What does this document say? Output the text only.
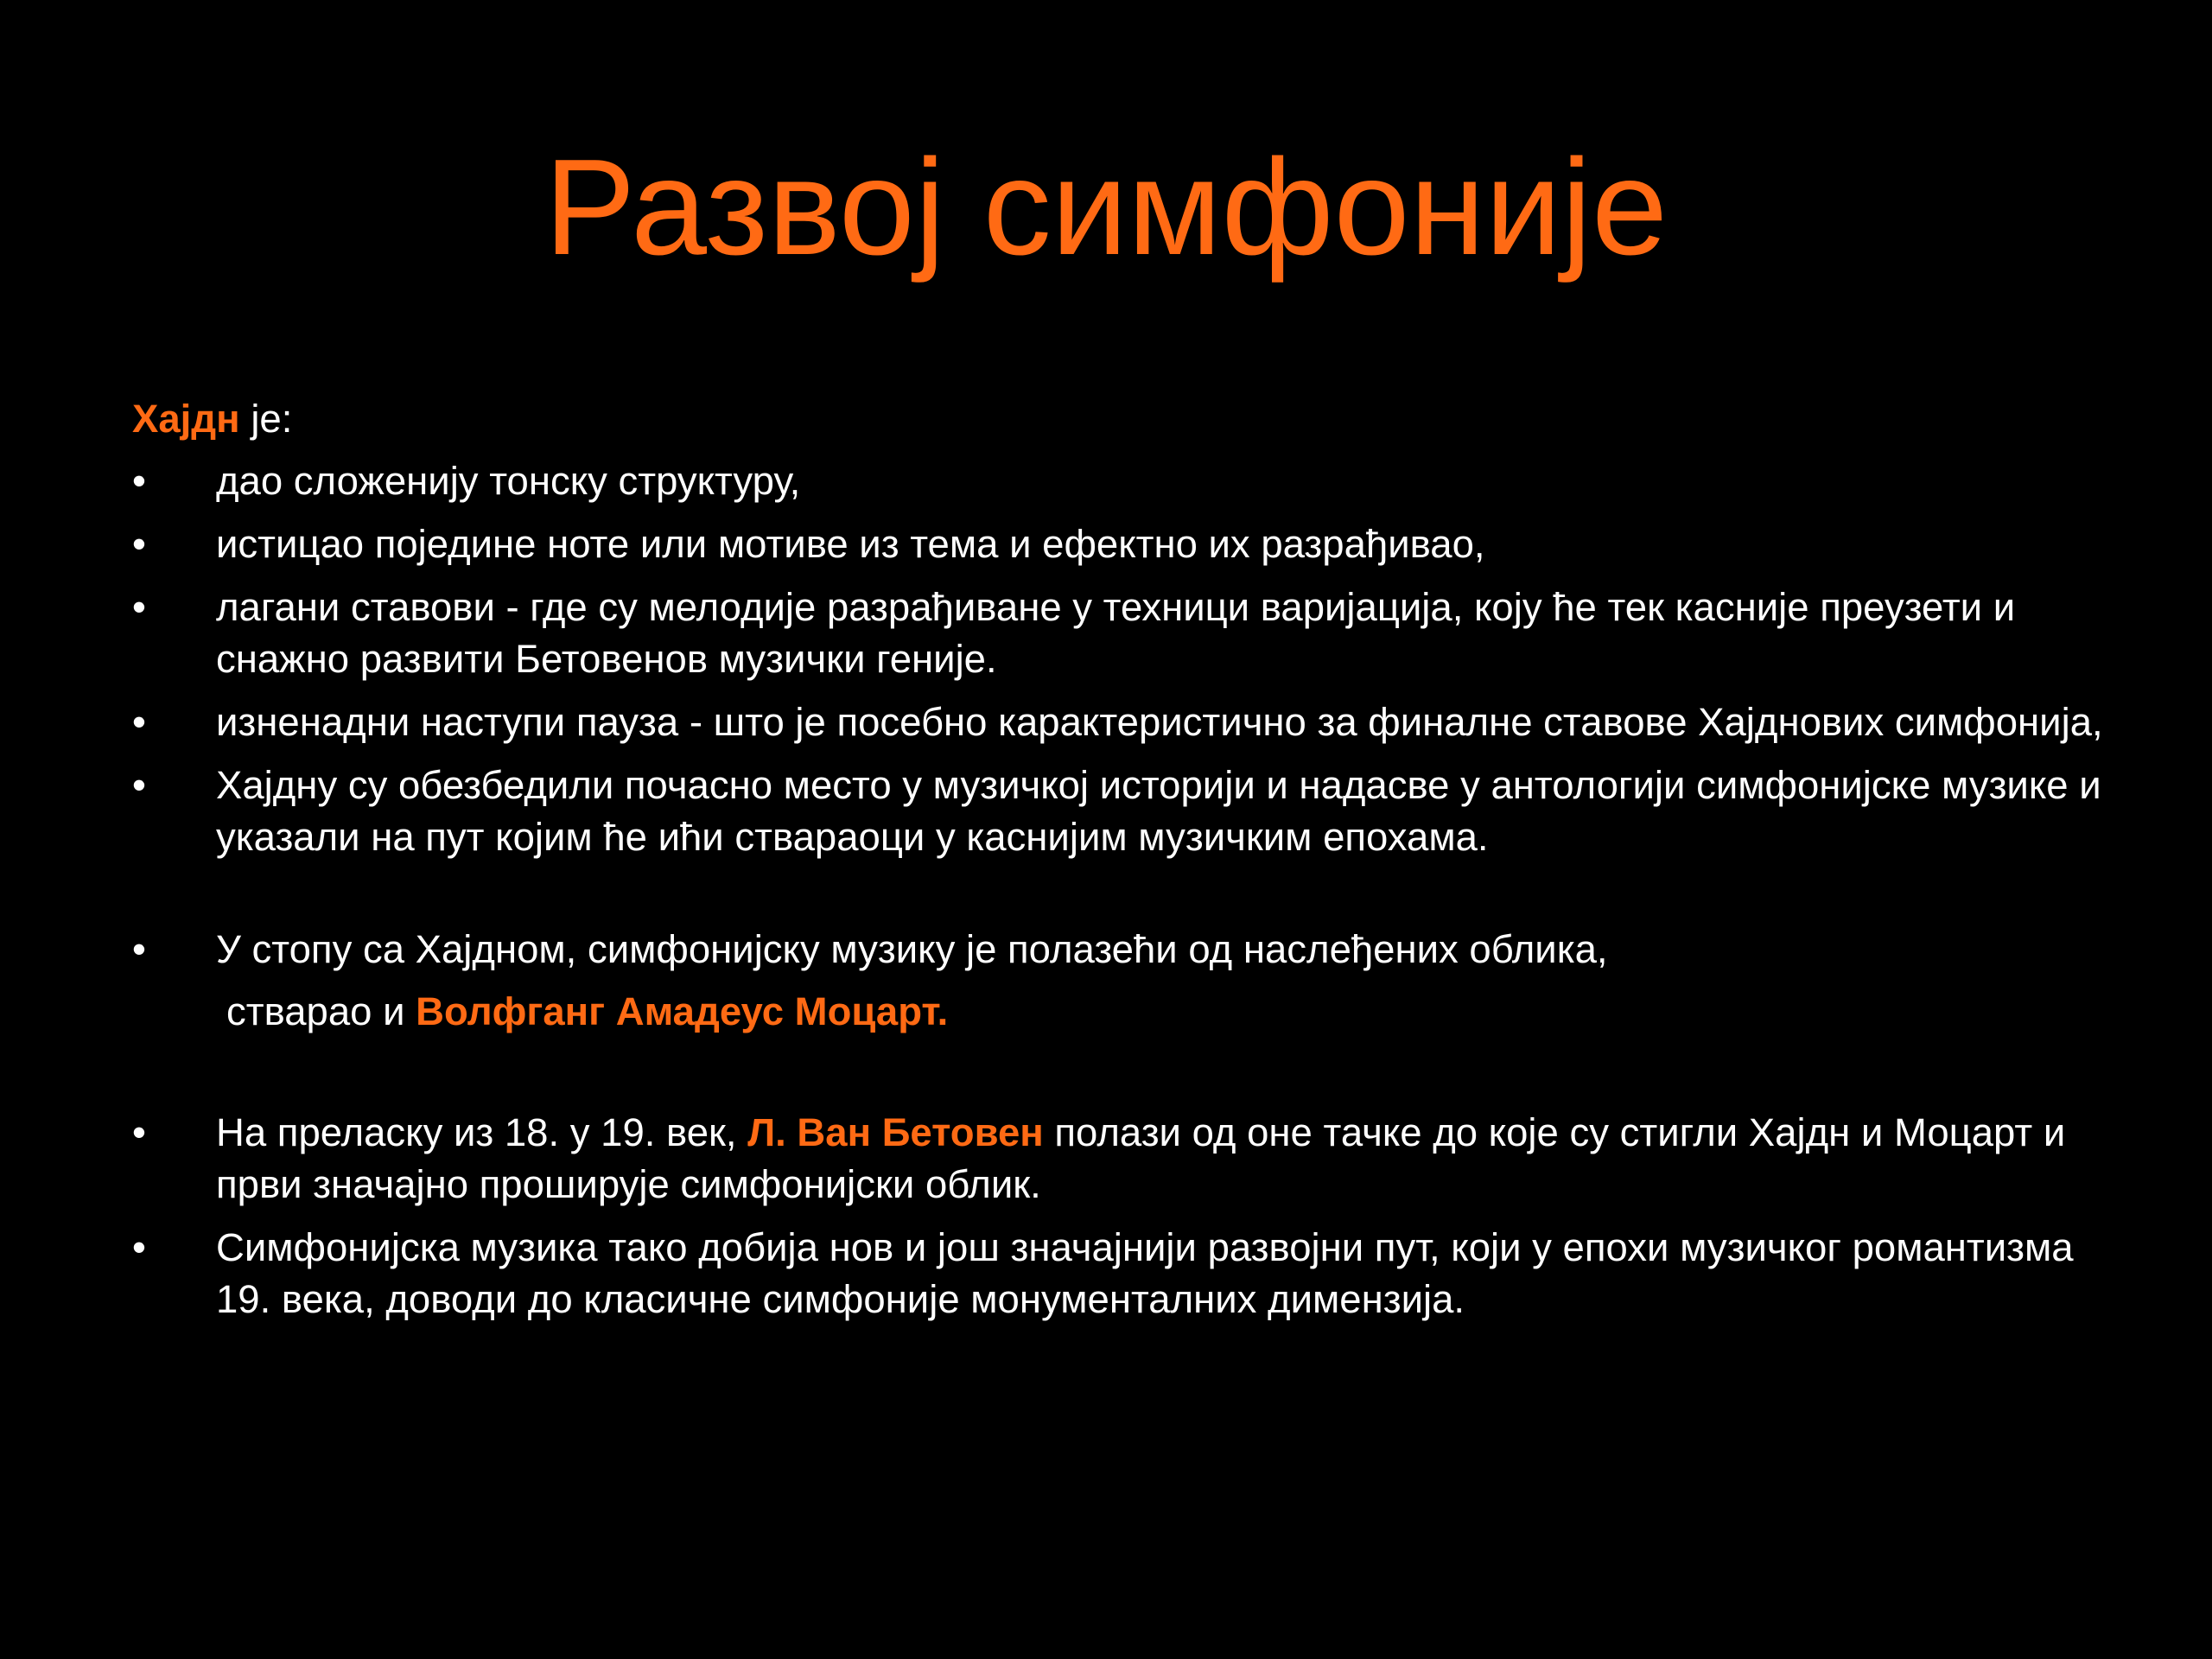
Развој симфоније

Хајдн је:

•	дао сложенију тонску структуру,
•	истицао поједине ноте или мотиве из тема и ефектно их разрађивао,
•	лагани ставови - где су мелодије разрађиване у техници варијација, коју ће тек касније преузети и снажно развити Бетовенов музички геније.
•	изненадни наступи пауза - што је посебно карактеристично за финалне ставове Хајднових симфонија,
•	Хајдну су обезбедили почасно место у музичкој историји и надасве у антологији симфонијске музике и указали на пут којим ће ићи ствараоци у каснијим музичким епохама.
•	У стопу са Хајдном, симфонијску музику је полазећи од наслеђених облика,
стварао и Волфганг Амадеус Моцарт.
•	На преласку из 18. у 19. век, Л. Ван Бетовен полази од оне тачке до које су стигли Хајдн и Моцарт и први значајно проширује симфонијски облик.
•	Симфонијска музика тако добија нов и још значајнији развојни пут, који у епохи музичког романтизма 19. века, доводи до класичне симфоније монументалних димензија.
